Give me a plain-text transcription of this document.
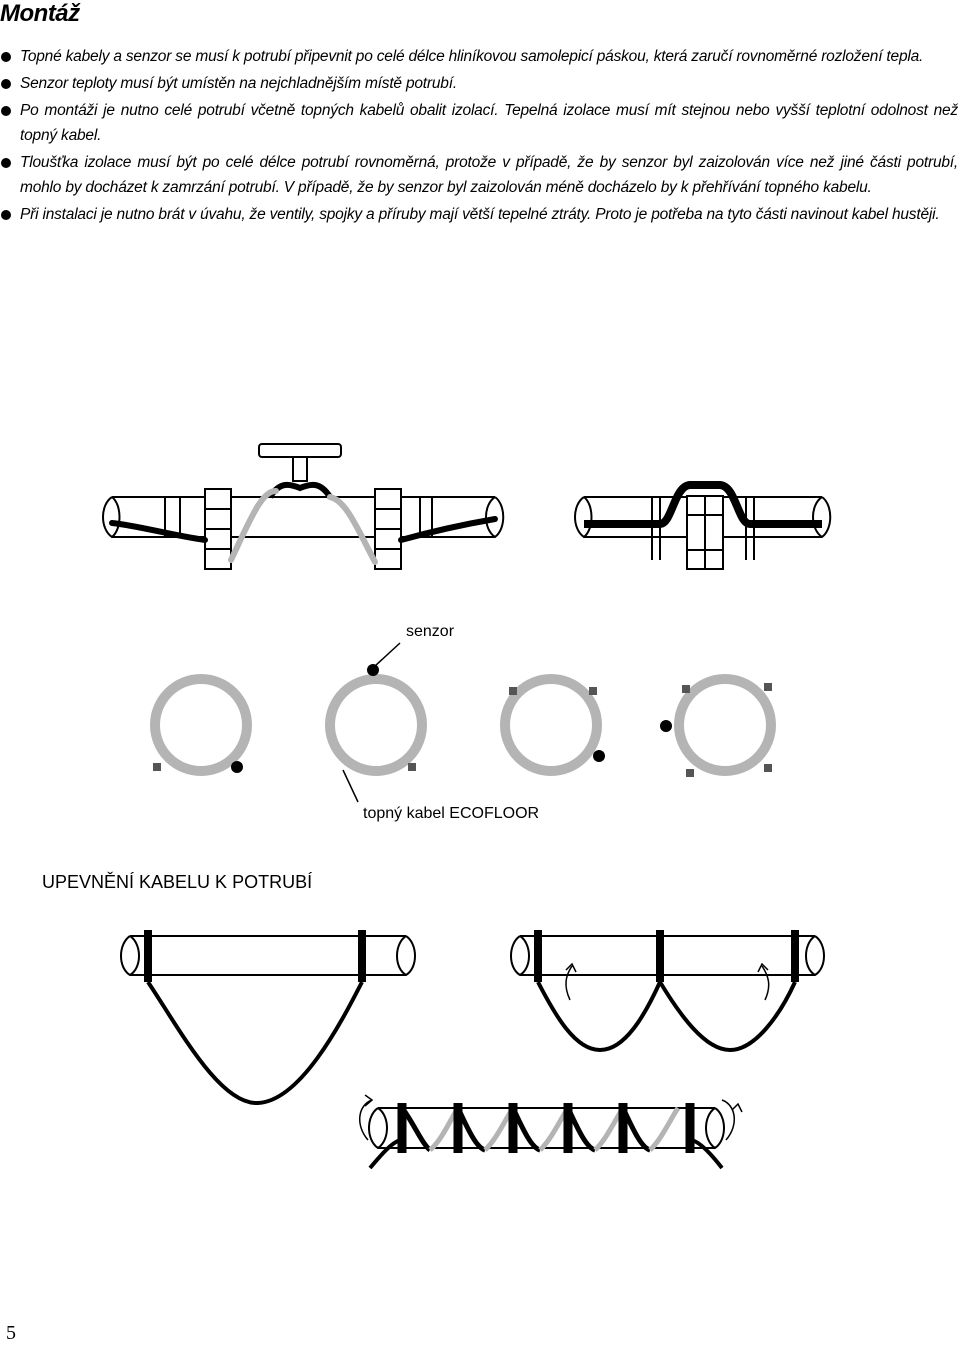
Montáž
Topné kabely a senzor se musí k potrubí připevnit po celé délce hliníkovou samolepicí páskou, která zaručí rovnoměrné rozložení tepla.
Senzor teploty musí být umístěn na nejchladnějším místě potrubí.
Po montáži je nutno celé potrubí včetně topných kabelů obalit izolací. Tepelná izolace musí mít stejnou nebo vyšší teplotní odolnost než topný kabel.
Tloušťka izolace musí být po celé délce potrubí rovnoměrná, protože v případě, že by senzor byl zaizolován více než jiné části potrubí, mohlo by docházet k zamrzání potrubí. V případě, že by senzor byl zaizolován méně docházelo by k přehřívání topného kabelu.
Při instalaci je nutno brát v úvahu, že ventily, spojky a příruby mají větší tepelné ztráty. Proto je potřeba na tyto části navinout kabel hustěji.
senzor
topný kabel ECOFLOOR
UPEVNĚNÍ KABELU K POTRUBÍ
5
